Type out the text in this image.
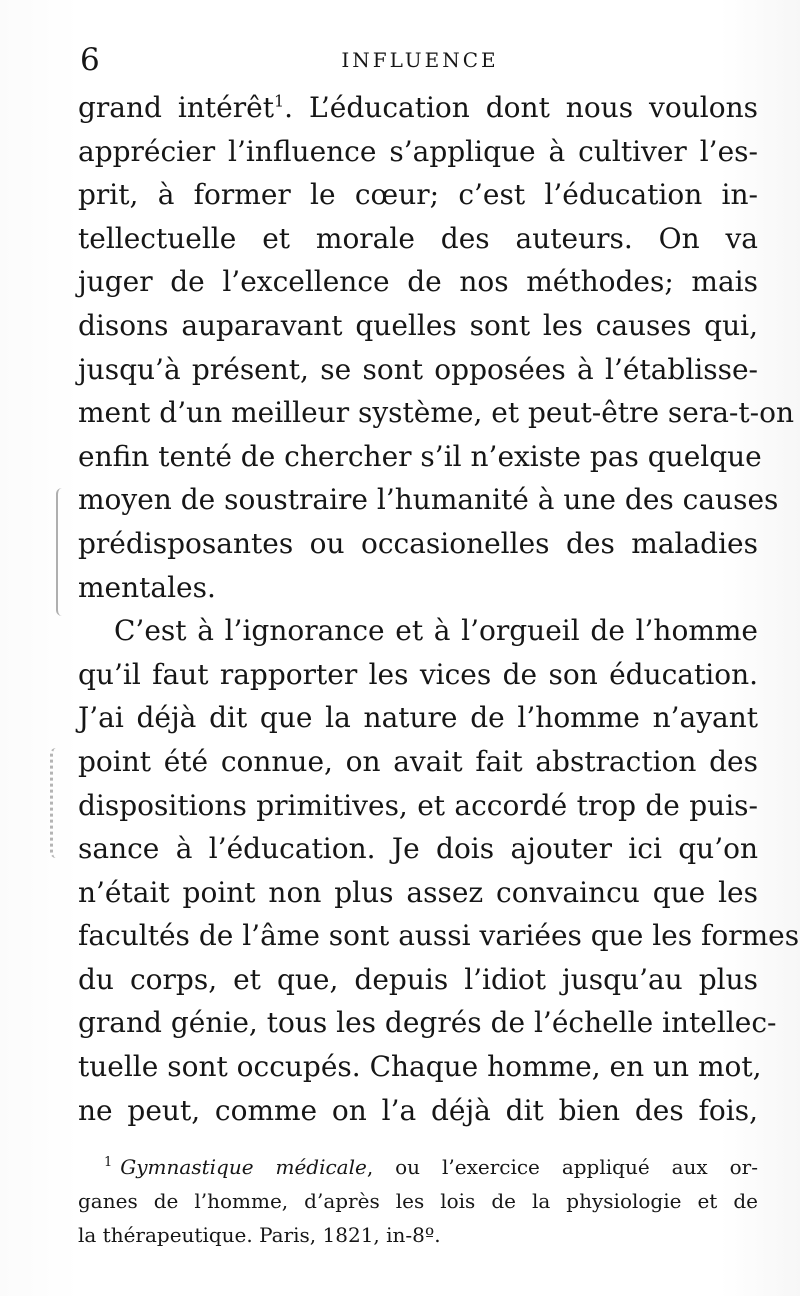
6	INFLUENCE
grand intérêt$^1$. L’éducation dont nous voulons
apprécier l’influence s’applique à cultiver l’es-
prit, à former le cœur; c’est l’éducation in-
tellectuelle et morale des auteurs. On va
juger de l’excellence de nos méthodes; mais
disons auparavant quelles sont les causes qui,
jusqu’à présent, se sont opposées à l’établisse-
ment d’un meilleur système, et peut-être sera-t-on
enfin tenté de chercher s’il n’existe pas quelque
moyen de soustraire l’humanité à une des causes
prédisposantes ou occasionelles des maladies
mentales.
C’est à l’ignorance et à l’orgueil de l’homme
qu’il faut rapporter les vices de son éducation.
J’ai déjà dit que la nature de l’homme n’ayant
point été connue, on avait fait abstraction des
dispositions primitives, et accordé trop de puis-
sance à l’éducation. Je dois ajouter ici qu’on
n’était point non plus assez convaincu que les
facultés de l’âme sont aussi variées que les formes
du corps, et que, depuis l’idiot jusqu’au plus
grand génie, tous les degrés de l’échelle intellec-
tuelle sont occupés. Chaque homme, en un mot,
ne peut, comme on l’a déjà dit bien des fois,
$^1$ Gymnastique médicale, ou l’exercice appliqué aux or-
ganes de l’homme, d’après les lois de la physiologie et de
la thérapeutique. Paris, 1821, in-8º.
